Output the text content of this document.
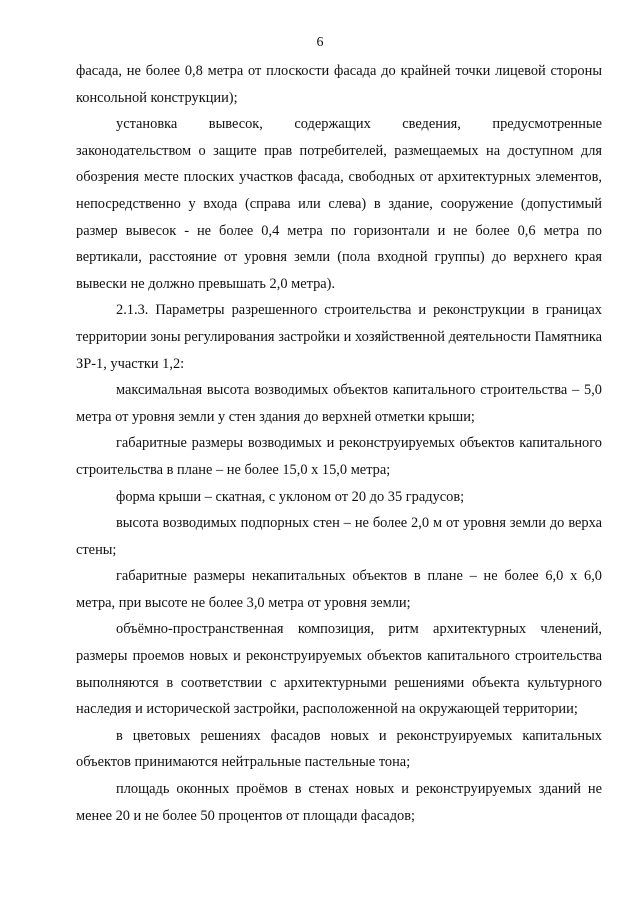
6

фасада, не более 0,8 метра от плоскости фасада до крайней точки лицевой стороны консольной конструкции);

установка вывесок, содержащих сведения, предусмотренные законодательством о защите прав потребителей, размещаемых на доступном для обозрения месте плоских участков фасада, свободных от архитектурных элементов, непосредственно у входа (справа или слева) в здание, сооружение (допустимый размер вывесок - не более 0,4 метра по горизонтали и не более 0,6 метра по вертикали, расстояние от уровня земли (пола входной группы) до верхнего края вывески не должно превышать 2,0 метра).

2.1.3. Параметры разрешенного строительства и реконструкции в границах территории зоны регулирования застройки и хозяйственной деятельности Памятника ЗР-1, участки 1,2:

максимальная высота возводимых объектов капитального строительства – 5,0 метра от уровня земли у стен здания до верхней отметки крыши;

габаритные размеры возводимых и реконструируемых объектов капитального строительства в плане – не более 15,0 х 15,0 метра;

форма крыши – скатная, с уклоном от 20 до 35 градусов;

высота возводимых подпорных стен – не более 2,0 м от уровня земли до верха стены;

габаритные размеры некапитальных объектов в плане – не более 6,0 х 6,0 метра, при высоте не более 3,0 метра от уровня земли;

объёмно-пространственная композиция, ритм архитектурных членений, размеры проемов новых и реконструируемых объектов капитального строительства выполняются в соответствии с архитектурными решениями объекта культурного наследия и исторической застройки, расположенной на окружающей территории;

в цветовых решениях фасадов новых и реконструируемых капитальных объектов принимаются нейтральные пастельные тона;

площадь оконных проёмов в стенах новых и реконструируемых зданий не менее 20 и не более 50 процентов от площади фасадов;
